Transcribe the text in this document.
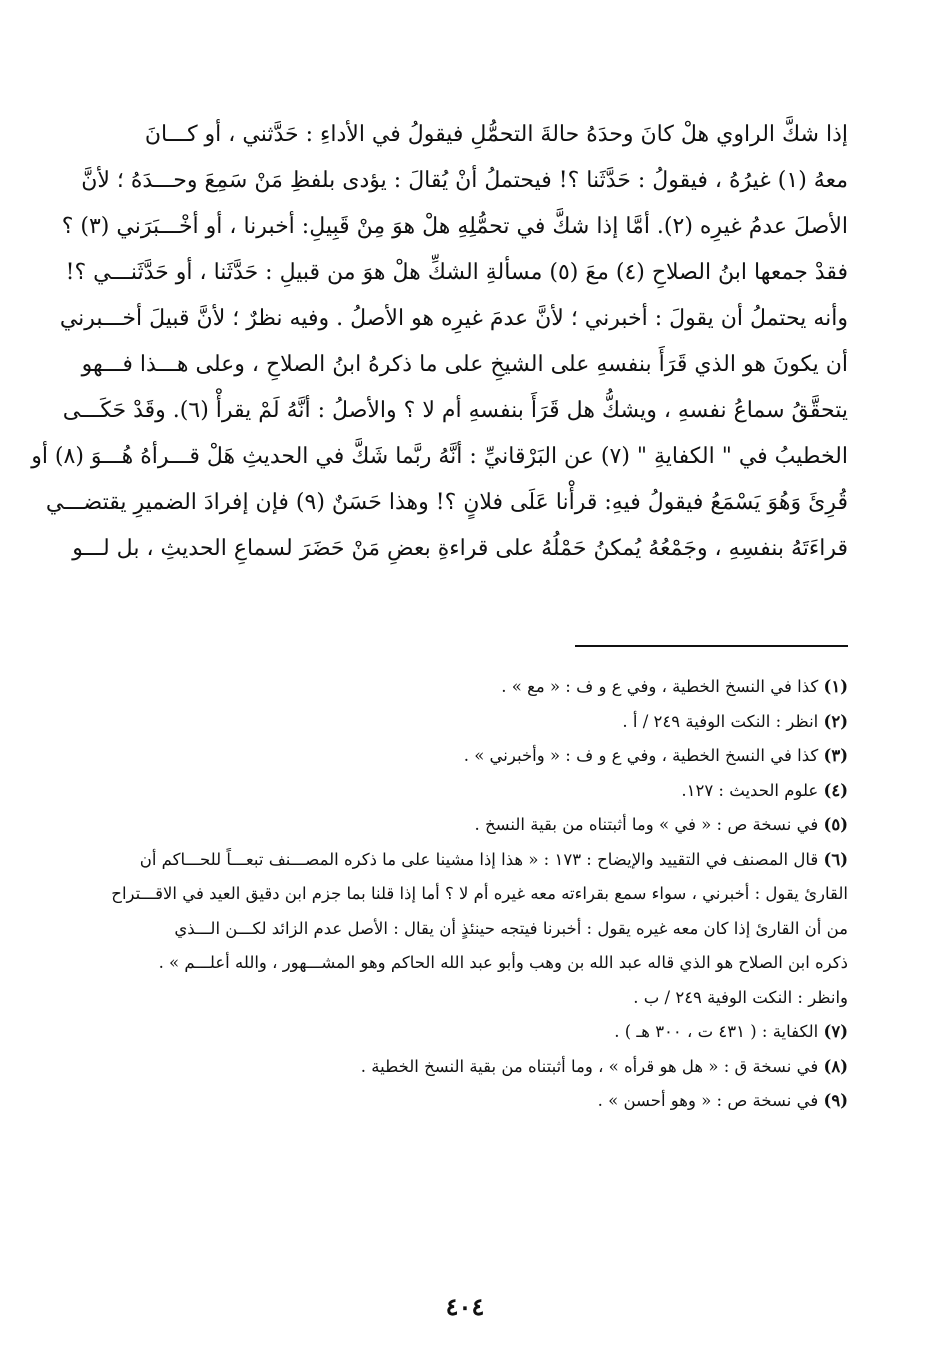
إذا شكَّ الراوي هلْ كانَ وحدَهُ حالةَ التحمُّلِ فيقولُ في الأداءِ : حَدَّثني ، أو كـــانَ
معهُ (١) غيرُهُ ، فيقولُ : حَدَّثَنا ؟! فيحتملُ أنْ يُقالَ : يؤدى بلفظِ مَنْ سَمِعَ وحـــدَهُ ؛ لأنَّ
الأصلَ عدمُ غيرِه (٢). أمَّا إذا شكَّ في تحمُّلِهِ هلْ هوَ مِنْ قَبِيلِ: أخبرنا ، أو أخْـــبَرَني (٣) ؟
فقدْ جمعها ابنُ الصلاحِ (٤) معَ (٥) مسألةِ الشكِّ هلْ هوَ من قبيلِ : حَدَّثَنا ، أو حَدَّثَنـــي ؟!
وأنه يحتملُ أن يقولَ : أخبرني ؛ لأنَّ عدمَ غيرِه هو الأصلُ . وفيه نظرٌ ؛ لأنَّ قبيلَ أخـــبرني
أن يكونَ هو الذي قَرَأَ بنفسهِ على الشيخِ على ما ذكرهُ ابنُ الصلاحِ ، وعلى هـــذا فـــهو
يتحقَّقُ سماعُ نفسهِ ، ويشكُّ هل قَرَأَ بنفسهِ أم لا ؟ والأصلُ : أنَّهُ لَمْ يقرأْ (٦). وقَدْ حَكَـــى
الخطيبُ في " الكفايةِ " (٧) عن البَرْقانيِّ : أنَّهُ ربَّما شَكَّ في الحديثِ هَلْ قـــرأهُ هُـــوَ (٨) أو
قُرِئَ وَهُوَ يَسْمَعُ فيقولُ فيهِ: قرأْنا عَلَى فلانٍ ؟! وهذا حَسَنٌ (٩) فإن إفرادَ الضميرِ يقتضـــي
قراءَتَهُ بنفسِهِ ، وجَمْعُهُ يُمكنُ حَمْلُهُ على قراءةِ بعضِ مَنْ حَضَرَ لسماعِ الحديثِ ، بل لـــو
(١) كذا في النسخ الخطية ، وفي ع و ف : « مع » .
(٢) انظر : النكت الوفية ٢٤٩ / أ .
(٣) كذا في النسخ الخطية ، وفي ع و ف : « وأخبرني » .
(٤) علوم الحديث : ١٢٧.
(٥) في نسخة ص : « في » وما أثبتناه من بقية النسخ .
(٦) قال المصنف في التقييد والإيضاح : ١٧٣ : « هذا إذا مشينا على ما ذكره المصـــنف تبعـــاً للحـــاكم أن
القارئ يقول : أخبرني ، سواء سمع بقراءته معه غيره أم لا ؟ أما إذا قلنا بما جزم ابن دقيق العيد في الاقـــتراح
من أن القارئ إذا كان معه غيره يقول : أخبرنا فيتجه حينئذٍ أن يقال : الأصل عدم الزائد لكـــن الـــذي
ذكره ابن الصلاح هو الذي قاله عبد الله بن وهب وأبو عبد الله الحاكم وهو المشـــهور ، والله أعلـــم » .
وانظر : النكت الوفية ٢٤٩ / ب .
(٧) الكفاية : ( ٤٣١ ت ، ٣٠٠ هـ ) .
(٨) في نسخة ق : « هل هو قرأه » ، وما أثبتناه من بقية النسخ الخطية .
(٩) في نسخة ص : « وهو أحسن » .
٤٠٤
